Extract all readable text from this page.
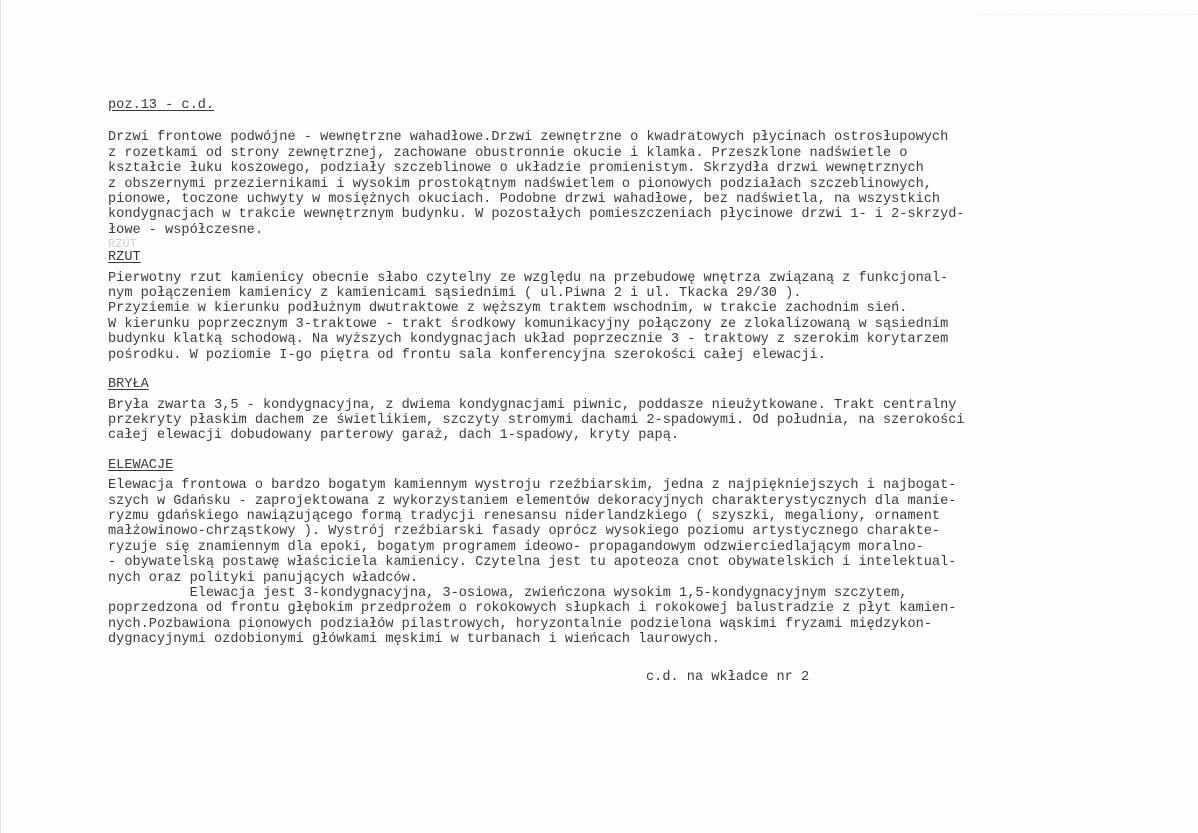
poz.13 - c.d.
Drzwi frontowe podwójne - wewnętrzne wahadłowe.Drzwi zewnętrzne o kwadratowych płycinach ostrosłupowych
z rozetkami od strony zewnętrznej, zachowane obustronnie okucie i klamka. Przeszklone nadświetle o
kształcie łuku koszowego, podziały szczeblinowe o układzie promienistym. Skrzydła drzwi wewnętrznych
z obszernymi przeziernikami i wysokim prostokątnym nadświetlem o pionowych podziałach szczeblinowych,
pionowe, toczone uchwyty w mosiężnych okuciach. Podobne drzwi wahadłowe, bez nadświetla, na wszystkich
kondygnacjach w trakcie wewnętrznym budynku. W pozostałych pomieszczeniach płycinowe drzwi 1- i 2-skrzyd-
łowe - współczesne.
RZUT
RZUT
Pierwotny rzut kamienicy obecnie słabo czytelny ze względu na przebudowę wnętrza związaną z funkcjonal-
nym połączeniem kamienicy z kamienicami sąsiednimi ( ul.Piwna 2 i ul. Tkacka 29/30 ).
Przyziemie w kierunku podłużnym dwutraktowe z węższym traktem wschodnim, w trakcie zachodnim sień.
W kierunku poprzecznym 3-traktowe - trakt środkowy komunikacyjny połączony ze zlokalizowaną w sąsiednim
budynku klatką schodową. Na wyższych kondygnacjach układ poprzecznie 3 - traktowy z szerokim korytarzem
pośrodku. W poziomie I-go piętra od frontu sala konferencyjna szerokości całej elewacji.
BRYŁA
Bryła zwarta 3,5 - kondygnacyjna, z dwiema kondygnacjami piwnic, poddasze nieużytkowane. Trakt centralny
przekryty płaskim dachem ze świetlikiem, szczyty stromymi dachami 2-spadowymi. Od południa, na szerokości
całej elewacji dobudowany parterowy garaż, dach 1-spadowy, kryty papą.
ELEWACJE
Elewacja frontowa o bardzo bogatym kamiennym wystroju rzeźbiarskim, jedna z najpiękniejszych i najbogat-
szych w Gdańsku - zaprojektowana z wykorzystaniem elementów dekoracyjnych charakterystycznych dla manie-
ryzmu gdańskiego nawiązującego formą tradycji renesansu niderlandzkiego ( szyszki, megaliony, ornament
małżowinowo-chrząstkowy ). Wystrój rzeźbiarski fasady oprócz wysokiego poziomu artystycznego charakte-
ryzuje się znamiennym dla epoki, bogatym programem ideowo- propagandowym odzwierciedlającym moralno-
- obywatelską postawę właściciela kamienicy. Czytelna jest tu apoteoza cnot obywatelskich i intelektual-
nych oraz polityki panujących władców.
Elewacja jest 3-kondygnacyjna, 3-osiowa, zwieńczona wysokim 1,5-kondygnacyjnym szczytem,
poprzedzona od frontu głębokim przedprożem o rokokowych słupkach i rokokowej balustradzie z płyt kamien-
nych.Pozbawiona pionowych podziałów pilastrowych, horyzontalnie podzielona wąskimi fryzami międzykon-
dygnacyjnymi ozdobionymi główkami męskimi w turbanach i wieńcach laurowych.
c.d. na wkładce nr 2
